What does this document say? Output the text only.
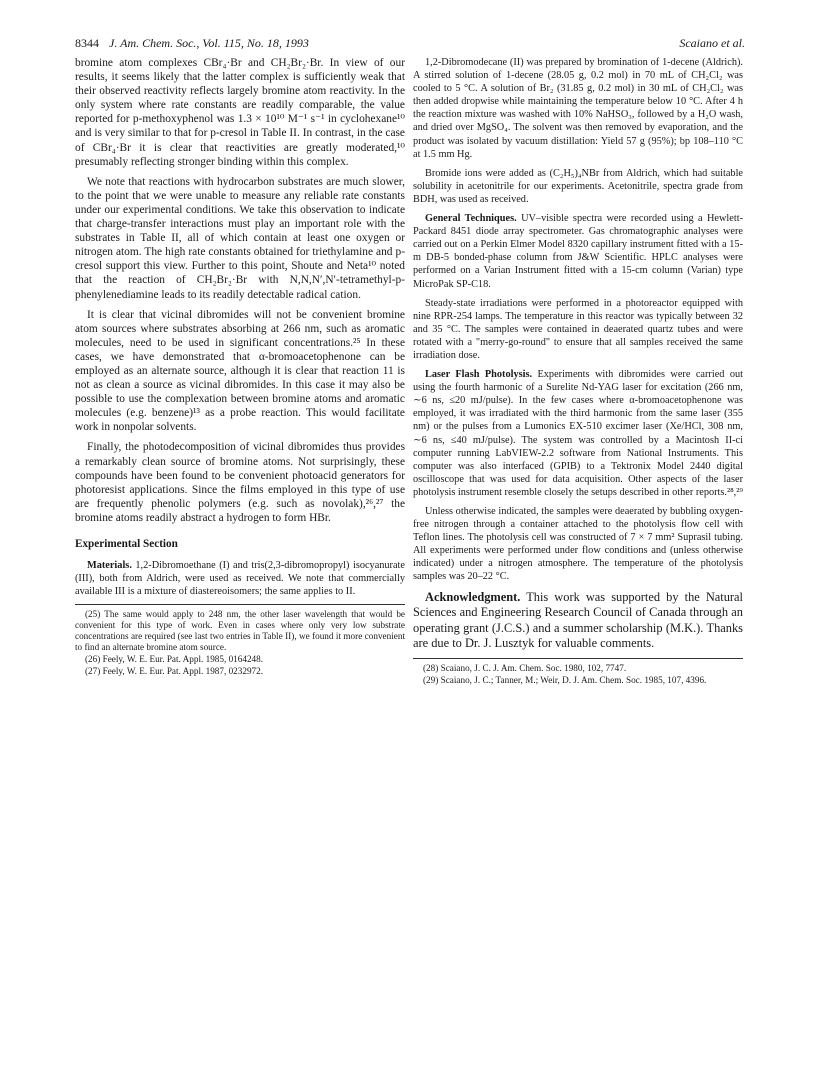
8344 J. Am. Chem. Soc., Vol. 115, No. 18, 1993	Scaiano et al.

bromine atom complexes CBr₄·Br and CH₂Br₂·Br. In view of our results, it seems likely that the latter complex is sufficiently weak that their observed reactivity reflects largely bromine atom reactivity. In the only system where rate constants are readily comparable, the value reported for p-methoxyphenol was 1.3 × 10¹⁰ M⁻¹ s⁻¹ in cyclohexane¹⁰ and is very similar to that for p-cresol in Table II. In contrast, in the case of CBr₄·Br it is clear that reactivities are greatly moderated,¹⁰ presumably reflecting stronger binding within this complex.

We note that reactions with hydrocarbon substrates are much slower, to the point that we were unable to measure any reliable rate constants under our experimental conditions. We take this observation to indicate that charge-transfer interactions must play an important role with the substrates in Table II, all of which contain at least one oxygen or nitrogen atom. The high rate constants obtained for triethylamine and p-cresol support this view. Further to this point, Shoute and Neta¹⁰ noted that the reaction of CH₂Br₂·Br with N,N,N′,N′-tetramethyl-p-phenylenediamine leads to its readily detectable radical cation.

It is clear that vicinal dibromides will not be convenient bromine atom sources where substrates absorbing at 266 nm, such as aromatic molecules, need to be used in significant concentrations.²⁵ In these cases, we have demonstrated that α-bromoacetophenone can be employed as an alternate source, although it is clear that reaction 11 is not as clean a source as vicinal dibromides. In this case it may also be possible to use the complexation between bromine atoms and aromatic molecules (e.g. benzene)¹³ as a probe reaction. This would facilitate work in nonpolar solvents.

Finally, the photodecomposition of vicinal dibromides thus provides a remarkably clean source of bromine atoms. Not surprisingly, these compounds have been found to be convenient photoacid generators for photoresist applications. Since the films employed in this type of use are frequently phenolic polymers (e.g. such as novolak),²⁶,²⁷ the bromine atoms readily abstract a hydrogen to form HBr.

Experimental Section

Materials. 1,2-Dibromoethane (I) and tris(2,3-dibromopropyl) isocyanurate (III), both from Aldrich, were used as received. We note that commercially available III is a mixture of diastereoisomers; the same applies to II.

(25) The same would apply to 248 nm, the other laser wavelength that would be convenient for this type of work. Even in cases where only very low substrate concentrations are required (see last two entries in Table II), we found it more convenient to find an alternate bromine atom source.
(26) Feely, W. E. Eur. Pat. Appl. 1985, 0164248.
(27) Feely, W. E. Eur. Pat. Appl. 1987, 0232972.

1,2-Dibromodecane (II) was prepared by bromination of 1-decene (Aldrich). A stirred solution of 1-decene (28.05 g, 0.2 mol) in 70 mL of CH₂Cl₂ was cooled to 5 °C. A solution of Br₂ (31.85 g, 0.2 mol) in 30 mL of CH₂Cl₂ was then added dropwise while maintaining the temperature below 10 °C. After 4 h the reaction mixture was washed with 10% NaHSO₃, followed by a H₂O wash, and dried over MgSO₄. The solvent was then removed by evaporation, and the product was isolated by vacuum distillation: Yield 57 g (95%); bp 108–110 °C at 1.5 mm Hg.

Bromide ions were added as (C₂H₅)₄NBr from Aldrich, which had suitable solubility in acetonitrile for our experiments. Acetonitrile, spectra grade from BDH, was used as received.

General Techniques. UV–visible spectra were recorded using a Hewlett-Packard 8451 diode array spectrometer. Gas chromatographic analyses were carried out on a Perkin Elmer Model 8320 capillary instrument fitted with a 15-m DB-5 bonded-phase column from J&W Scientific. HPLC analyses were performed on a Varian Instrument fitted with a 15-cm column (Varian) type MicroPak SP-C18.

Steady-state irradiations were performed in a photoreactor equipped with nine RPR-254 lamps. The temperature in this reactor was typically between 32 and 35 °C. The samples were contained in deaerated quartz tubes and were rotated with a "merry-go-round" to ensure that all samples received the same irradiation dose.

Laser Flash Photolysis. Experiments with dibromides were carried out using the fourth harmonic of a Surelite Nd-YAG laser for excitation (266 nm, ∼6 ns, ≤20 mJ/pulse). In the few cases where α-bromoacetophenone was employed, it was irradiated with the third harmonic from the same laser (355 nm) or the pulses from a Lumonics EX-510 excimer laser (Xe/HCl, 308 nm, ∼6 ns, ≤40 mJ/pulse). The system was controlled by a Macintosh II-ci computer running LabVIEW-2.2 software from National Instruments. This computer was also interfaced (GPIB) to a Tektronix Model 2440 digital oscilloscope that was used for data acquisition. Other aspects of the laser photolysis instrument resemble closely the setups described in other reports.²⁸,²⁹

Unless otherwise indicated, the samples were deaerated by bubbling oxygen-free nitrogen through a container attached to the photolysis flow cell with Teflon lines. The photolysis cell was constructed of 7 × 7 mm² Suprasil tubing. All experiments were performed under flow conditions and (unless otherwise indicated) under a nitrogen atmosphere. The temperature of the photolysis samples was 20–22 °C.

Acknowledgment. This work was supported by the Natural Sciences and Engineering Research Council of Canada through an operating grant (J.C.S.) and a summer scholarship (M.K.). Thanks are due to Dr. J. Lusztyk for valuable comments.

(28) Scaiano, J. C. J. Am. Chem. Soc. 1980, 102, 7747.
(29) Scaiano, J. C.; Tanner, M.; Weir, D. J. Am. Chem. Soc. 1985, 107, 4396.
